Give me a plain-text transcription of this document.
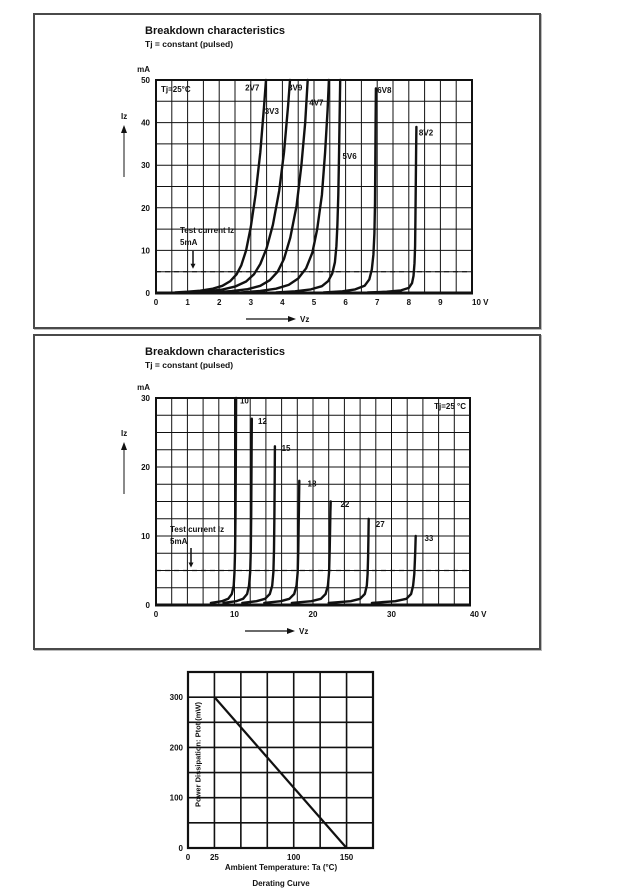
Breakdown characteristics
Tj = constant (pulsed)
0	1	2	3	4	5	6	7	8	9	10 V
0
10
20
30
40
50
mA
2V7
3V3
3V9
4V7
5V6
6V8
8V2
Tj=25°C
Test current Iz
5mA
Iz
Vz
Breakdown characteristics
Tj = constant (pulsed)
0	10	20	30	40 V
0
10
20
30
mA
10
12
15
18
22
27
33
Tj=25 °C
Test current Iz
5mA
Iz
Vz
0 25	100	150
0
100
200
300
Power Dissipation: Ptot (mW)
Ambient Temperature: Ta (°C)
Derating Curve
